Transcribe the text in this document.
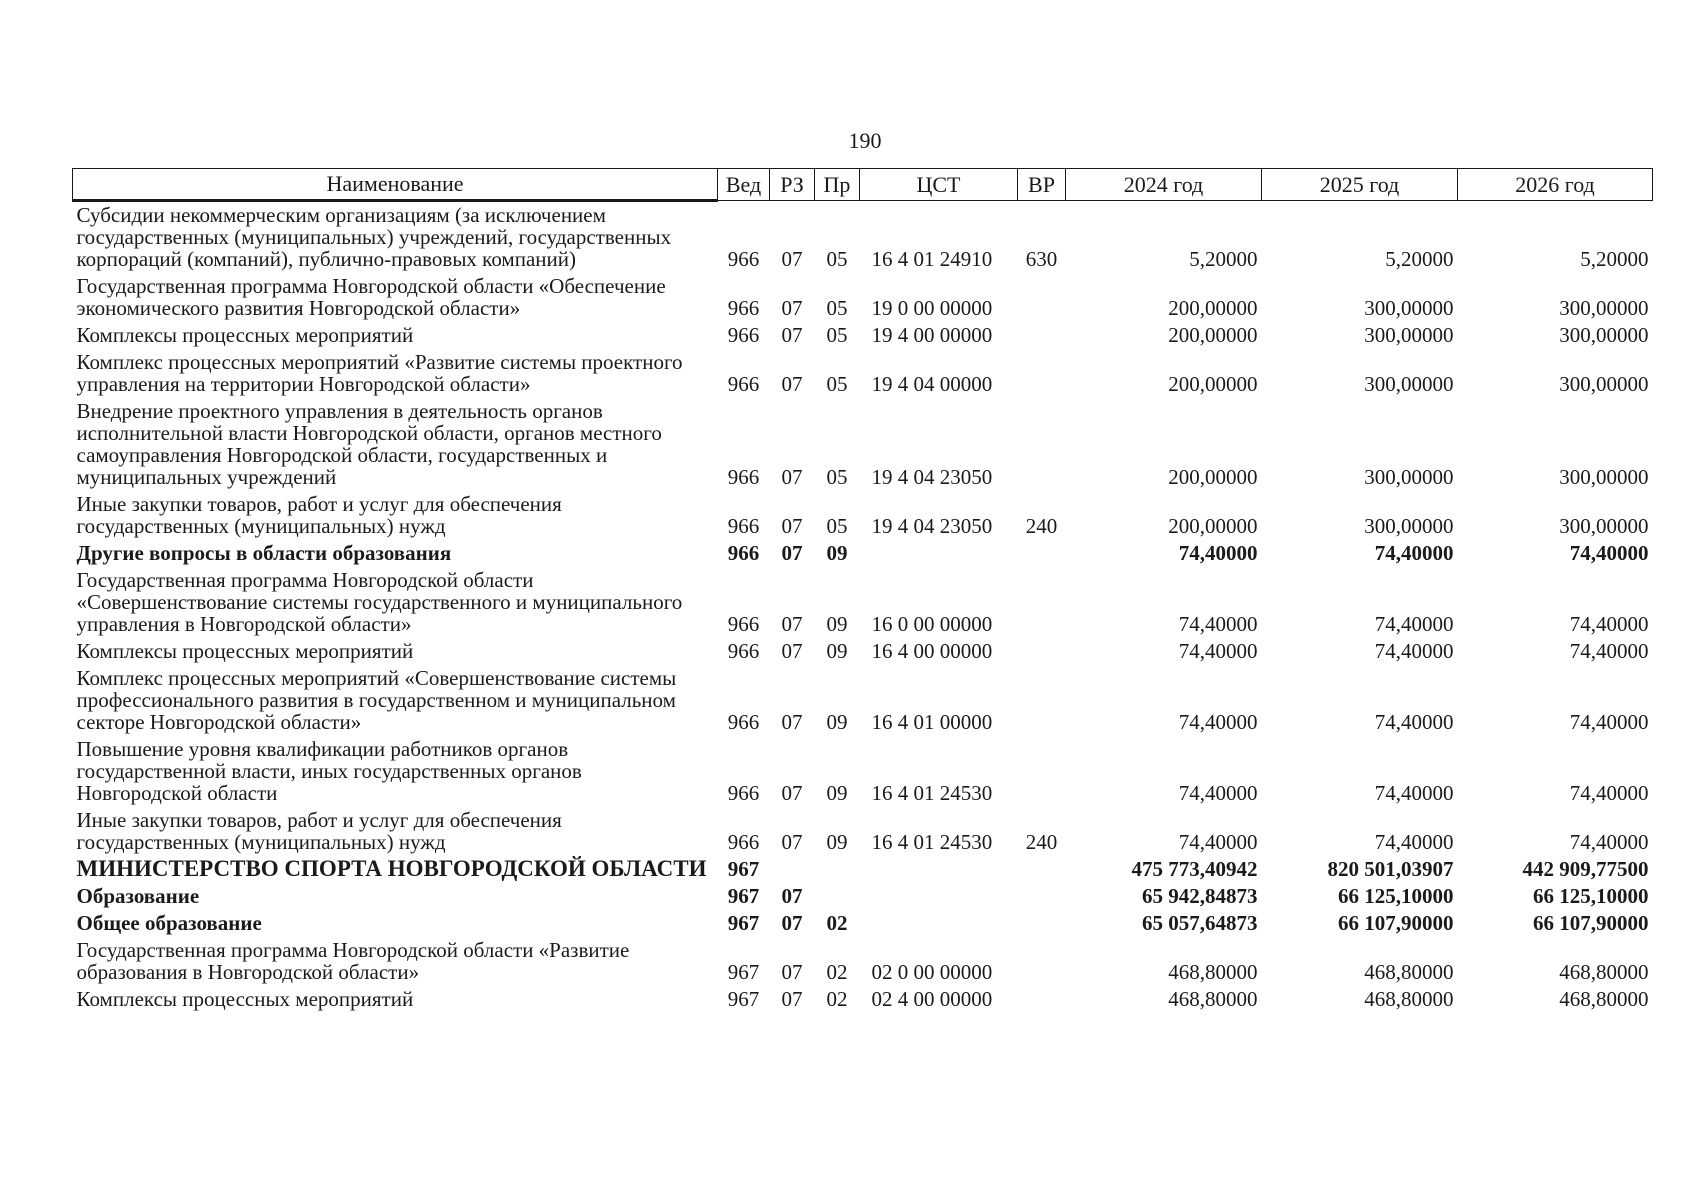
190
Наименование	Вед	РЗ	Пр	ЦСТ	ВР	2024 год	2025 год	2026 год
Субсидии некоммерческим организациям (за исключением государственных (муниципальных) учреждений, государственных корпораций (компаний), публично-правовых компаний)	966	07	05	16 4 01 24910	630	5,20000	5,20000	5,20000
Государственная программа Новгородской области «Обеспечение экономического развития Новгородской области»	966	07	05	19 0 00 00000		200,00000	300,00000	300,00000
Комплексы процессных мероприятий	966	07	05	19 4 00 00000		200,00000	300,00000	300,00000
Комплекс процессных мероприятий «Развитие системы проектного управления на территории Новгородской области»	966	07	05	19 4 04 00000		200,00000	300,00000	300,00000
Внедрение проектного управления в деятельность органов исполнительной власти Новгородской области, органов местного самоуправления Новгородской области, государственных и муниципальных учреждений	966	07	05	19 4 04 23050		200,00000	300,00000	300,00000
Иные закупки товаров, работ и услуг для обеспечения государственных (муниципальных) нужд	966	07	05	19 4 04 23050	240	200,00000	300,00000	300,00000
Другие вопросы в области образования	966	07	09			74,40000	74,40000	74,40000
Государственная программа Новгородской области «Совершенствование системы государственного и муниципального управления в Новгородской области»	966	07	09	16 0 00 00000		74,40000	74,40000	74,40000
Комплексы процессных мероприятий	966	07	09	16 4 00 00000		74,40000	74,40000	74,40000
Комплекс процессных мероприятий «Совершенствование системы профессионального развития в государственном и муниципальном секторе Новгородской области»	966	07	09	16 4 01 00000		74,40000	74,40000	74,40000
Повышение уровня квалификации работников органов государственной власти, иных государственных органов Новгородской области	966	07	09	16 4 01 24530		74,40000	74,40000	74,40000
Иные закупки товаров, работ и услуг для обеспечения государственных (муниципальных) нужд	966	07	09	16 4 01 24530	240	74,40000	74,40000	74,40000
МИНИСТЕРСТВО СПОРТА НОВГОРОДСКОЙ ОБЛАСТИ	967					475 773,40942	820 501,03907	442 909,77500
Образование	967	07				65 942,84873	66 125,10000	66 125,10000
Общее образование	967	07	02			65 057,64873	66 107,90000	66 107,90000
Государственная программа Новгородской области «Развитие образования в Новгородской области»	967	07	02	02 0 00 00000		468,80000	468,80000	468,80000
Комплексы процессных мероприятий	967	07	02	02 4 00 00000		468,80000	468,80000	468,80000
